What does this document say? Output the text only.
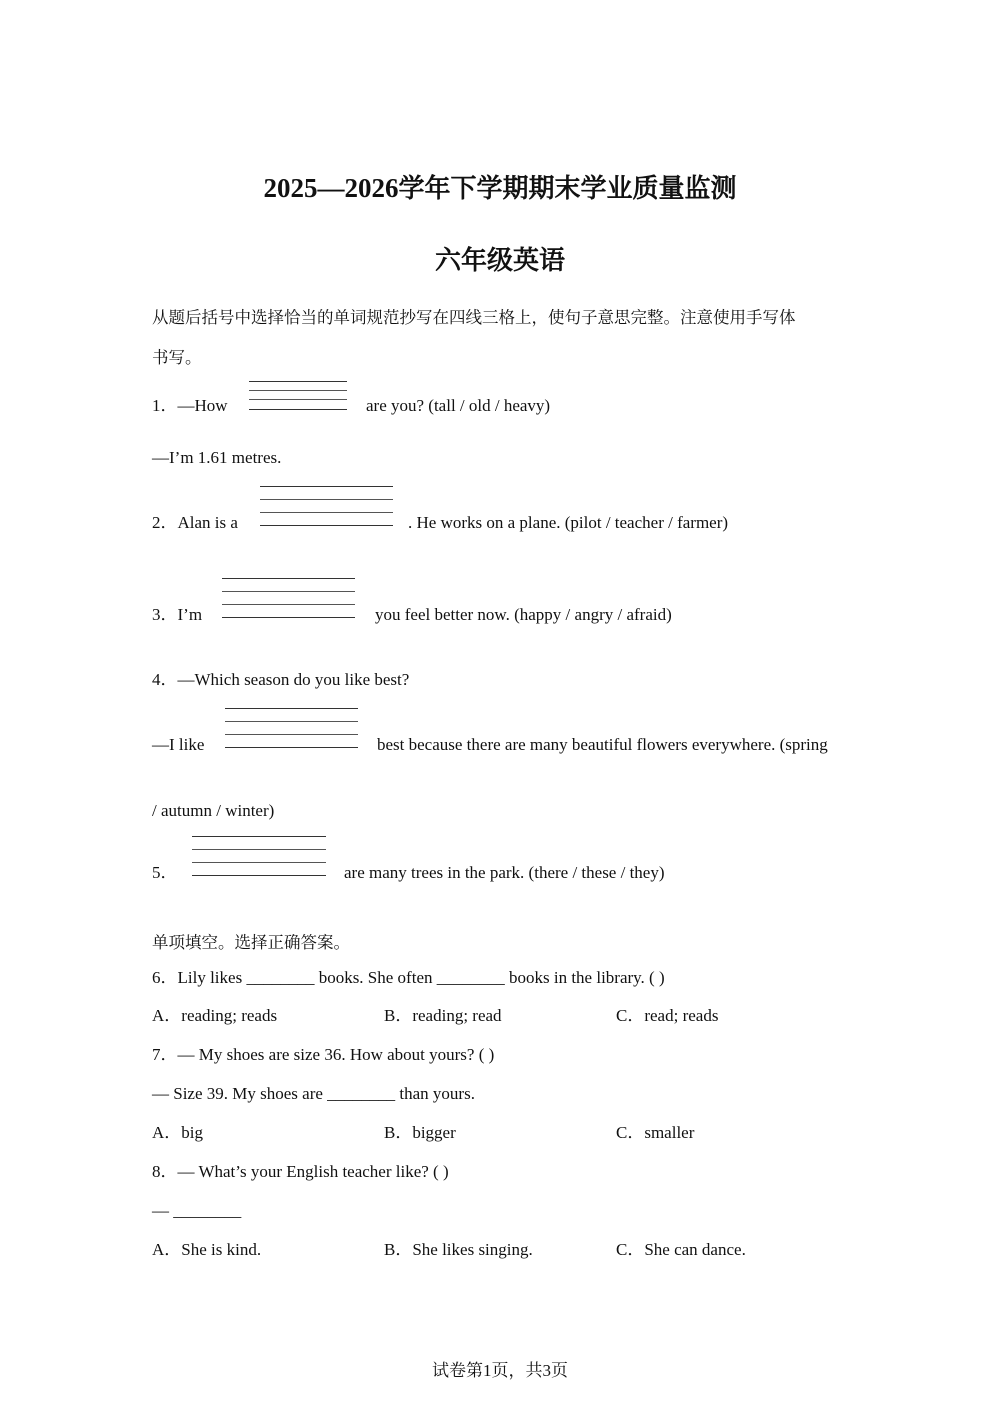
2025—2026学年下学期期末学业质量监测
六年级英语
从题后括号中选择恰当的单词规范抄写在四线三格上，使句子意思完整。注意使用手写体
书写。
1．—How	are you? (tall / old / heavy)
—I’m 1.61 metres.
2．Alan is a	. He works on a plane. (pilot / teacher / farmer)
3．I’m	you feel better now. (happy / angry / afraid)
4．—Which season do you like best?
—I like	best because there are many beautiful flowers everywhere. (spring
/ autumn / winter)
5．	are many trees in the park. (there / these / they)
单项填空。选择正确答案。
6．Lily likes ________ books. She often ________ books in the library. ( )
A．reading; reads	B．reading; read	C．read; reads
7．— My shoes are size 36. How about yours? ( )
— Size 39. My shoes are ________ than yours.
A．big	B．bigger	C．smaller
8．— What’s your English teacher like? ( )
— ________
A．She is kind.	B．She likes singing.	C．She can dance.
试卷第1页，共3页
